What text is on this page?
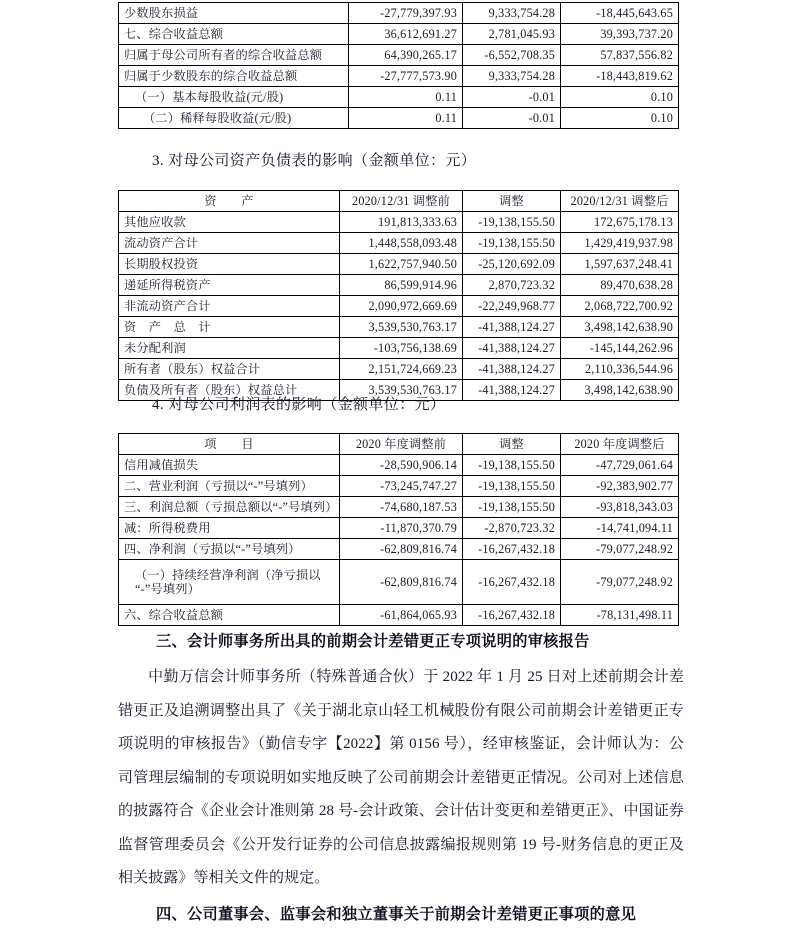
少数股东损益	-27,779,397.93	9,333,754.28	-18,445,643.65
七、综合收益总额	36,612,691.27	2,781,045.93	39,393,737.20
归属于母公司所有者的综合收益总额	64,390,265.17	-6,552,708.35	57,837,556.82
归属于少数股东的综合收益总额	-27,777,573.90	9,333,754.28	-18,443,819.62
（一）基本每股收益(元/股)	0.11	-0.01	0.10
（二）稀释每股收益(元/股)	0.11	-0.01	0.10
3. 对母公司资产负债表的影响（金额单位：元）
资　　产	2020/12/31 调整前	调整	2020/12/31 调整后
其他应收款	191,813,333.63	-19,138,155.50	172,675,178.13
流动资产合计	1,448,558,093.48	-19,138,155.50	1,429,419,937.98
长期股权投资	1,622,757,940.50	-25,120,692.09	1,597,637,248.41
递延所得税资产	86,599,914.96	2,870,723.32	89,470,638.28
非流动资产合计	2,090,972,669.69	-22,249,968.77	2,068,722,700.92
资　产　总　计	3,539,530,763.17	-41,388,124.27	3,498,142,638.90
未分配利润	-103,756,138.69	-41,388,124.27	-145,144,262.96
所有者（股东）权益合计	2,151,724,669.23	-41,388,124.27	2,110,336,544.96
负债及所有者（股东）权益总计	3,539,530,763.17	-41,388,124.27	3,498,142,638.90
4. 对母公司利润表的影响（金额单位：元）
项　　目	2020 年度调整前	调整	2020 年度调整后
信用减值损失	-28,590,906.14	-19,138,155.50	-47,729,061.64
二、营业利润（亏损以“-”号填列）	-73,245,747.27	-19,138,155.50	-92,383,902.77
三、利润总额（亏损总额以“-”号填列）	-74,680,187.53	-19,138,155.50	-93,818,343.03
减：所得税费用	-11,870,370.79	-2,870,723.32	-14,741,094.11
四、净利润（亏损以“-”号填列）	-62,809,816.74	-16,267,432.18	-79,077,248.92
（一）持续经营净利润（净亏损以“-”号填列）	-62,809,816.74	-16,267,432.18	-79,077,248.92
六、综合收益总额	-61,864,065.93	-16,267,432.18	-78,131,498.11
三、会计师事务所出具的前期会计差错更正专项说明的审核报告

中勤万信会计师事务所（特殊普通合伙）于 2022 年 1 月 25 日对上述前期会计差错更正及追溯调整出具了《关于湖北京山轻工机械股份有限公司前期会计差错更正专项说明的审核报告》（勤信专字【2022】第 0156 号），经审核鉴证，会计师认为：公司管理层编制的专项说明如实地反映了公司前期会计差错更正情况。公司对上述信息的披露符合《企业会计准则第 28 号-会计政策、会计估计变更和差错更正》、中国证券监督管理委员会《公开发行证券的公司信息披露编报规则第 19 号-财务信息的更正及相关披露》等相关文件的规定。

四、公司董事会、监事会和独立董事关于前期会计差错更正事项的意见
